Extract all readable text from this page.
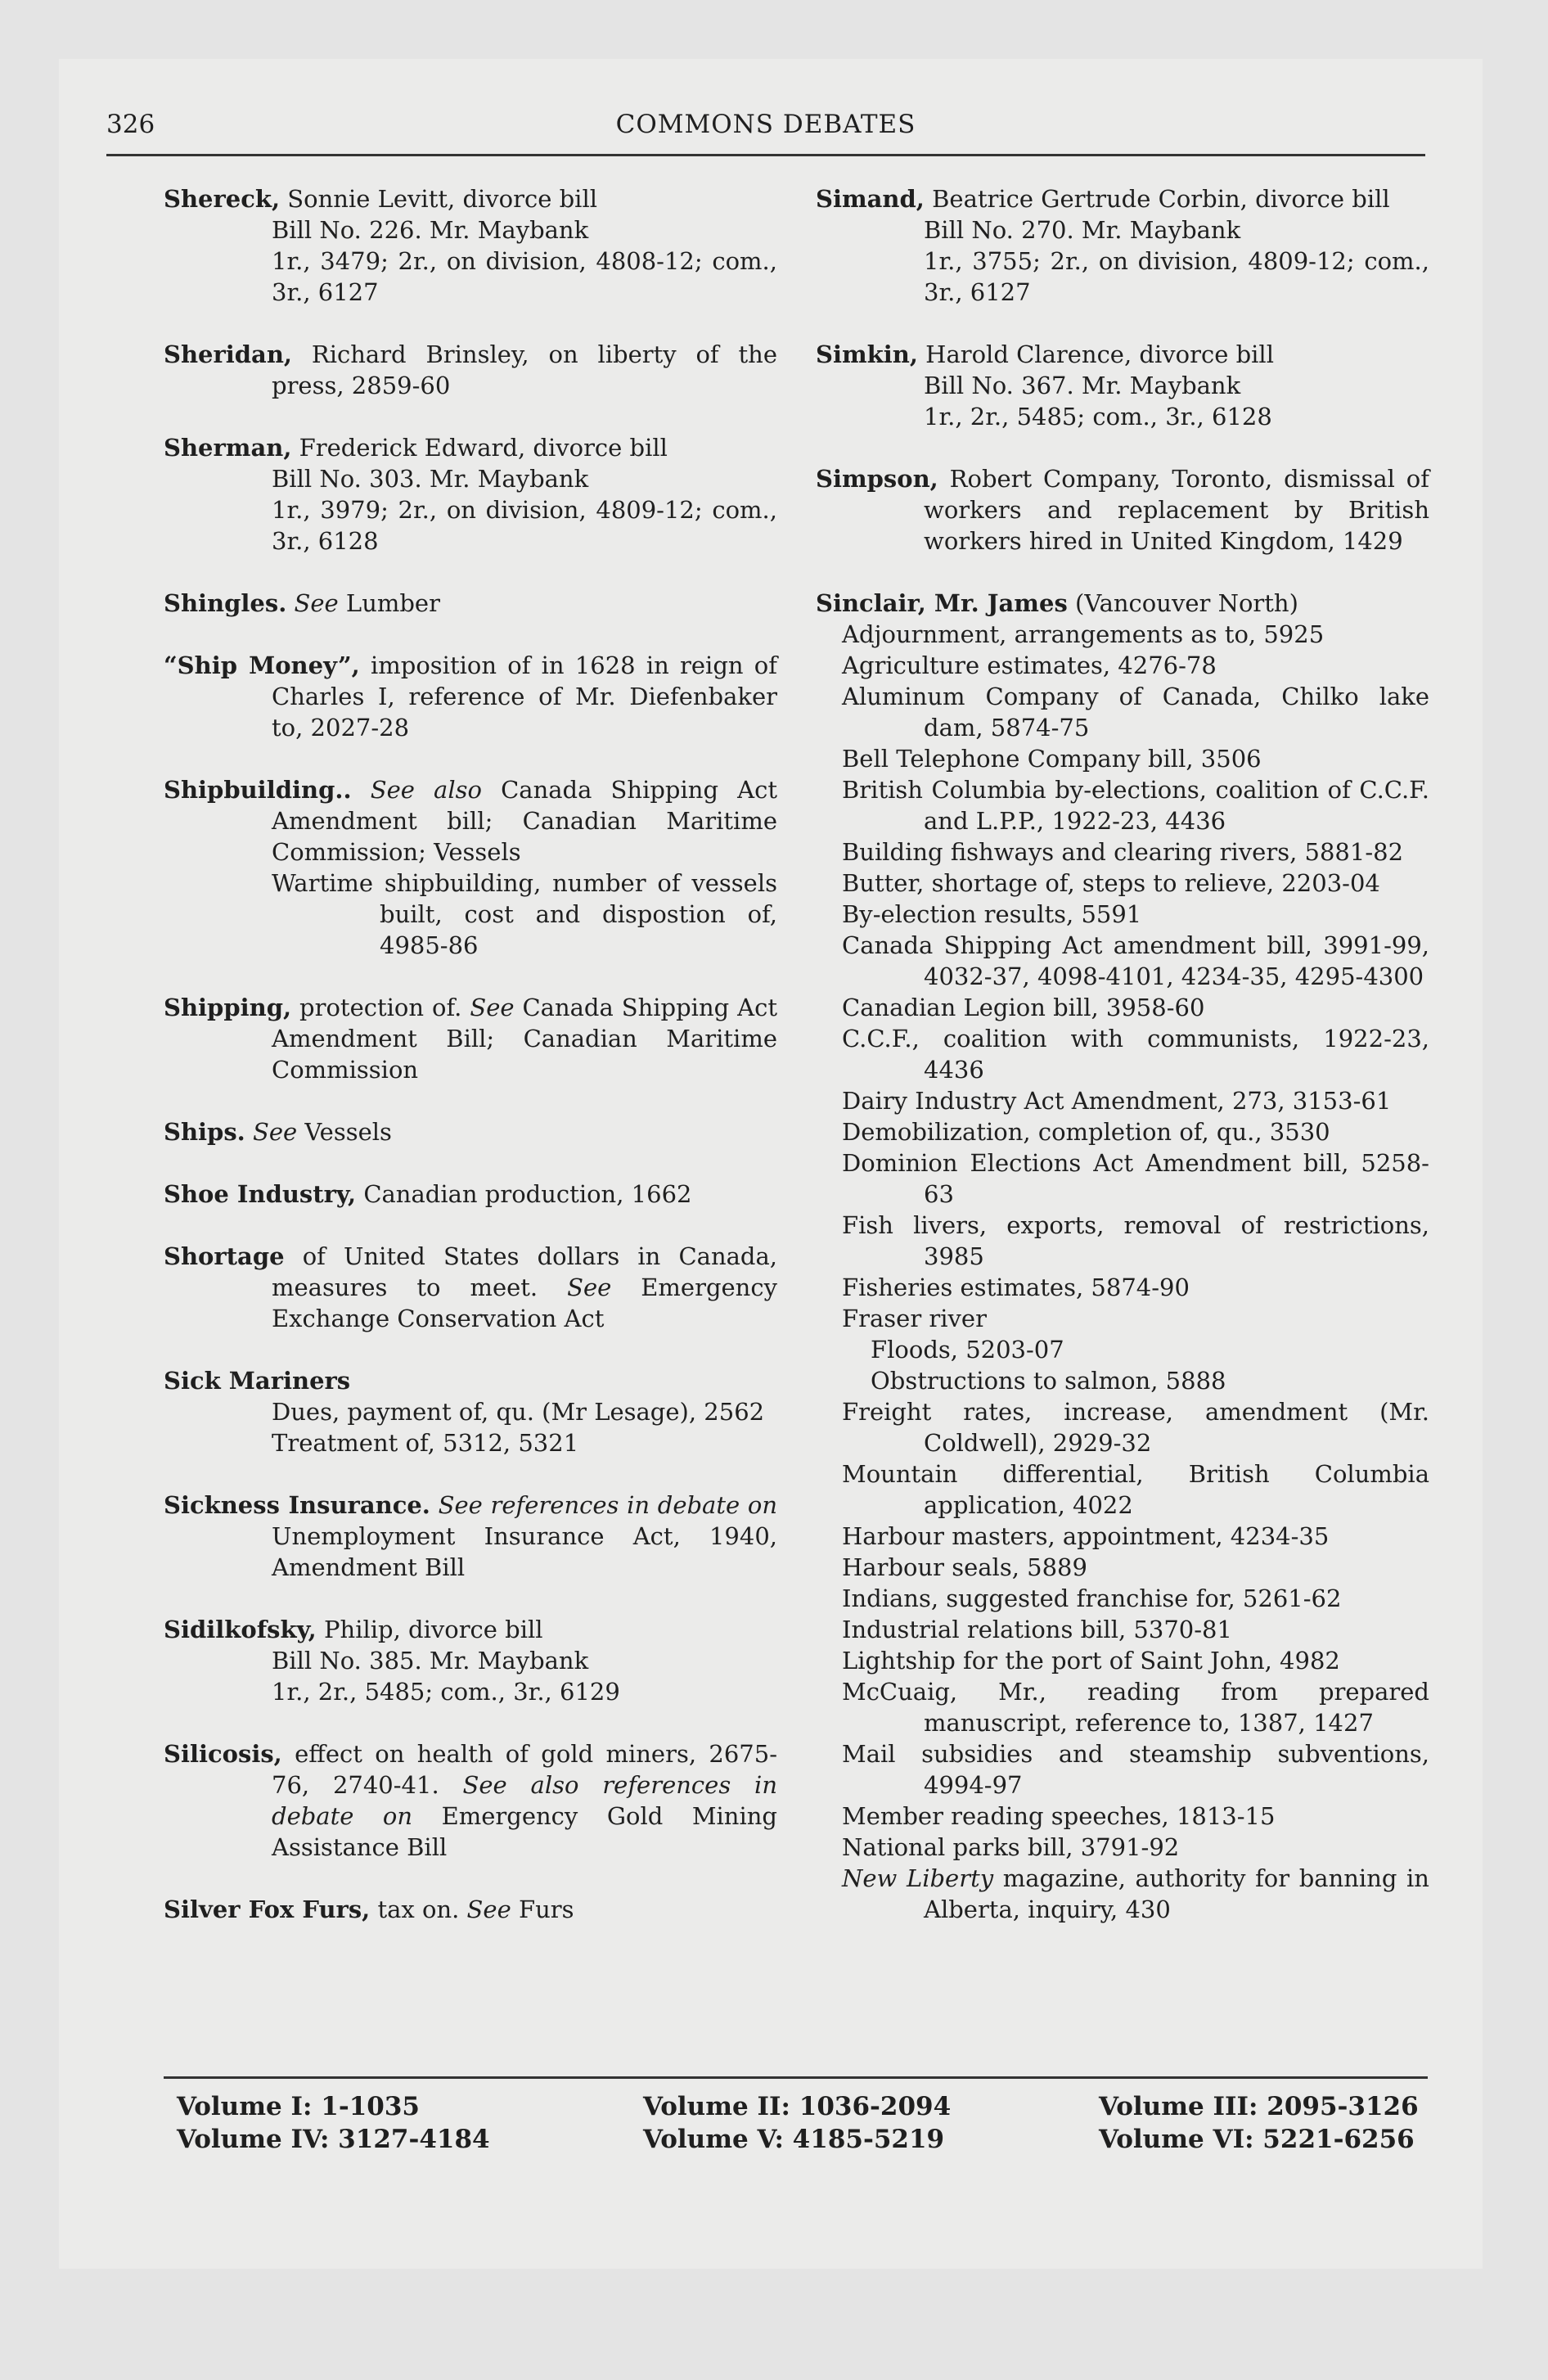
326	COMMONS DEBATES
Shereck, Sonnie Levitt, divorce bill
Bill No. 226. Mr. Maybank
1r., 3479; 2r., on division, 4808-12; com., 3r., 6127
Sheridan, Richard Brinsley, on liberty of the press, 2859-60
Sherman, Frederick Edward, divorce bill
Bill No. 303. Mr. Maybank
1r., 3979; 2r., on division, 4809-12; com., 3r., 6128
Shingles. See Lumber
“Ship Money”, imposition of in 1628 in reign of Charles I, reference of Mr. Diefenbaker to, 2027-28
Shipbuilding.. See also Canada Shipping Act Amendment bill; Canadian Maritime Commission; Vessels
Wartime shipbuilding, number of vessels built, cost and dispostion of, 4985-86
Shipping, protection of. See Canada Shipping Act Amendment Bill; Canadian Maritime Commission
Ships. See Vessels
Shoe Industry, Canadian production, 1662
Shortage of United States dollars in Canada, measures to meet. See Emergency Exchange Conservation Act
Sick Mariners
Dues, payment of, qu. (Mr Lesage), 2562
Treatment of, 5312, 5321
Sickness Insurance. See references in debate on Unemployment Insurance Act, 1940, Amendment Bill
Sidilkofsky, Philip, divorce bill
Bill No. 385. Mr. Maybank
1r., 2r., 5485; com., 3r., 6129
Silicosis, effect on health of gold miners, 2675-76, 2740-41. See also references in debate on Emergency Gold Mining Assistance Bill
Silver Fox Furs, tax on. See Furs
Simand, Beatrice Gertrude Corbin, divorce bill
Bill No. 270. Mr. Maybank
1r., 3755; 2r., on division, 4809-12; com., 3r., 6127
Simkin, Harold Clarence, divorce bill
Bill No. 367. Mr. Maybank
1r., 2r., 5485; com., 3r., 6128
Simpson, Robert Company, Toronto, dismissal of workers and replacement by British workers hired in United Kingdom, 1429
Sinclair, Mr. James (Vancouver North)
Adjournment, arrangements as to, 5925
Agriculture estimates, 4276-78
Aluminum Company of Canada, Chilko lake dam, 5874-75
Bell Telephone Company bill, 3506
British Columbia by-elections, coalition of C.C.F. and L.P.P., 1922-23, 4436
Building fishways and clearing rivers, 5881-82
Butter, shortage of, steps to relieve, 2203-04
By-election results, 5591
Canada Shipping Act amendment bill, 3991-99, 4032-37, 4098-4101, 4234-35, 4295-4300
Canadian Legion bill, 3958-60
C.C.F., coalition with communists, 1922-23, 4436
Dairy Industry Act Amendment, 273, 3153-61
Demobilization, completion of, qu., 3530
Dominion Elections Act Amendment bill, 5258-63
Fish livers, exports, removal of restrictions, 3985
Fisheries estimates, 5874-90
Fraser river
Floods, 5203-07
Obstructions to salmon, 5888
Freight rates, increase, amendment (Mr. Coldwell), 2929-32
Mountain differential, British Columbia application, 4022
Harbour masters, appointment, 4234-35
Harbour seals, 5889
Indians, suggested franchise for, 5261-62
Industrial relations bill, 5370-81
Lightship for the port of Saint John, 4982
McCuaig, Mr., reading from prepared manuscript, reference to, 1387, 1427
Mail subsidies and steamship subventions, 4994-97
Member reading speeches, 1813-15
National parks bill, 3791-92
New Liberty magazine, authority for banning in Alberta, inquiry, 430
Volume I: 1-1035
Volume IV: 3127-4184
Volume II: 1036-2094
Volume V: 4185-5219
Volume III: 2095-3126
Volume VI: 5221-6256
